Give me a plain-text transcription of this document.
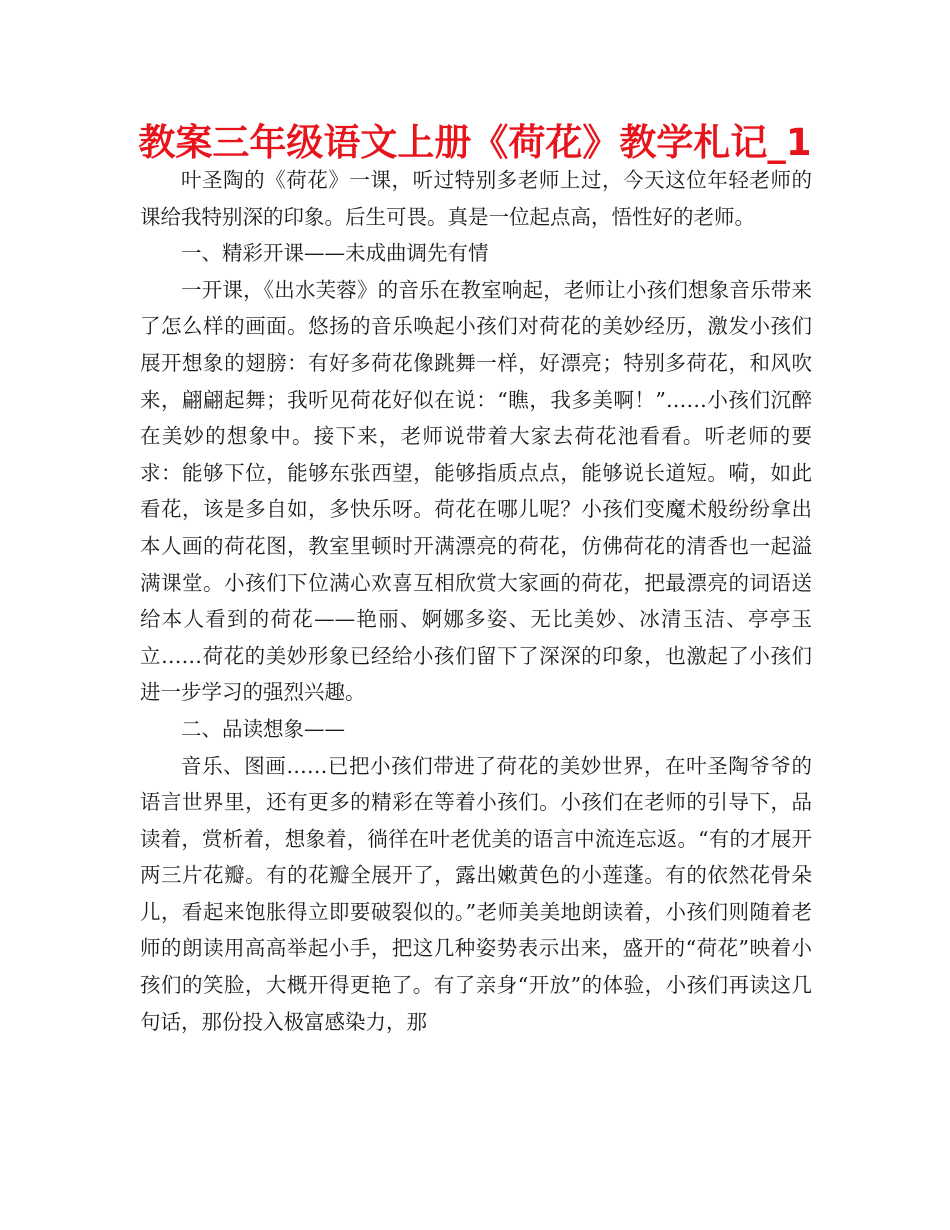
教案三年级语文上册《荷花》教学札记_1

叶圣陶的《荷花》一课，听过特别多老师上过，今天这位年轻老师的课给我特别深的印象。后生可畏。真是一位起点高，悟性好的老师。

一、精彩开课——未成曲调先有情

一开课，《出水芙蓉》的音乐在教室响起，老师让小孩们想象音乐带来了怎么样的画面。悠扬的音乐唤起小孩们对荷花的美妙经历，激发小孩们展开想象的翅膀：有好多荷花像跳舞一样，好漂亮；特别多荷花，和风吹来，翩翩起舞；我听见荷花好似在说：“瞧，我多美啊！”……小孩们沉醉在美妙的想象中。接下来，老师说带着大家去荷花池看看。听老师的要求：能够下位，能够东张西望，能够指质点点，能够说长道短。嗬，如此看花，该是多自如，多快乐呀。荷花在哪儿呢？小孩们变魔术般纷纷拿出本人画的荷花图，教室里顿时开满漂亮的荷花，仿佛荷花的清香也一起溢满课堂。小孩们下位满心欢喜互相欣赏大家画的荷花，把最漂亮的词语送给本人看到的荷花——艳丽、婀娜多姿、无比美妙、冰清玉洁、亭亭玉立……荷花的美妙形象已经给小孩们留下了深深的印象，也激起了小孩们进一步学习的强烈兴趣。

二、品读想象——

音乐、图画……已把小孩们带进了荷花的美妙世界，在叶圣陶爷爷的语言世界里，还有更多的精彩在等着小孩们。小孩们在老师的引导下，品读着，赏析着，想象着，徜徉在叶老优美的语言中流连忘返。“有的才展开两三片花瓣。有的花瓣全展开了，露出嫩黄色的小莲蓬。有的依然花骨朵儿，看起来饱胀得立即要破裂似的。”老师美美地朗读着，小孩们则随着老师的朗读用高高举起小手，把这几种姿势表示出来，盛开的“荷花”映着小孩们的笑脸，大概开得更艳了。有了亲身“开放”的体验，小孩们再读这几句话，那份投入极富感染力，那
